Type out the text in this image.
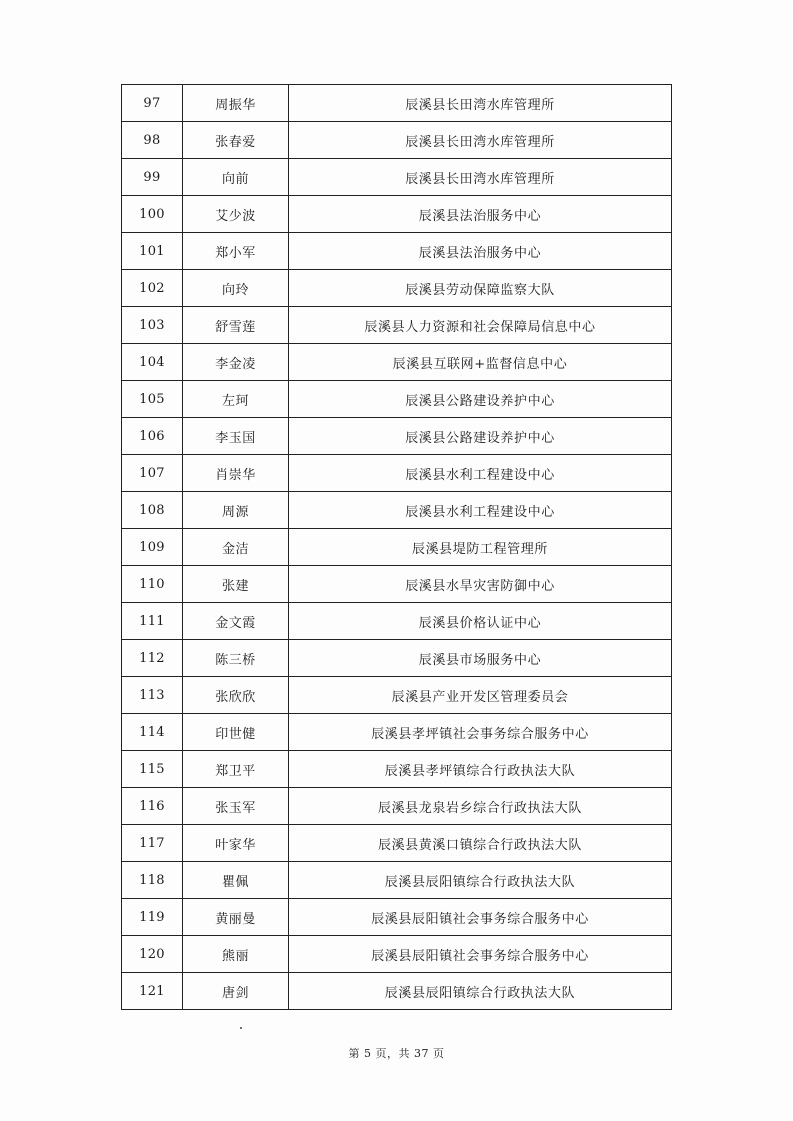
97	周振华	辰溪县长田湾水库管理所
98	张春爱	辰溪县长田湾水库管理所
99	向前	辰溪县长田湾水库管理所
100	艾少波	辰溪县法治服务中心
101	郑小军	辰溪县法治服务中心
102	向玲	辰溪县劳动保障监察大队
103	舒雪莲	辰溪县人力资源和社会保障局信息中心
104	李金凌	辰溪县互联网+监督信息中心
105	左珂	辰溪县公路建设养护中心
106	李玉国	辰溪县公路建设养护中心
107	肖崇华	辰溪县水利工程建设中心
108	周源	辰溪县水利工程建设中心
109	金洁	辰溪县堤防工程管理所
110	张建	辰溪县水旱灾害防御中心
111	金文霞	辰溪县价格认证中心
112	陈三桥	辰溪县市场服务中心
113	张欣欣	辰溪县产业开发区管理委员会
114	印世健	辰溪县孝坪镇社会事务综合服务中心
115	郑卫平	辰溪县孝坪镇综合行政执法大队
116	张玉军	辰溪县龙泉岩乡综合行政执法大队
117	叶家华	辰溪县黄溪口镇综合行政执法大队
118	瞿佩	辰溪县辰阳镇综合行政执法大队
119	黄丽曼	辰溪县辰阳镇社会事务综合服务中心
120	熊丽	辰溪县辰阳镇社会事务综合服务中心
121	唐剑	辰溪县辰阳镇综合行政执法大队
第 5 页，共 37 页
